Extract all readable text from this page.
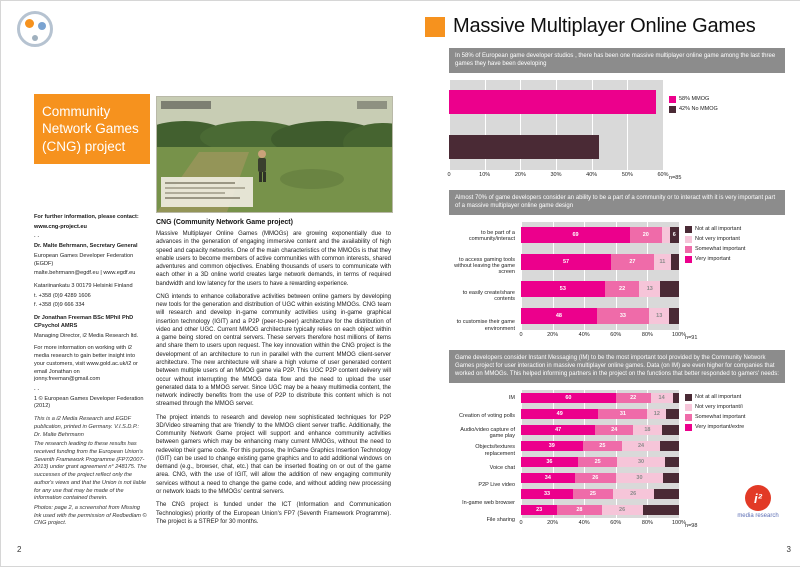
Community Network Games (CNG) project

For further information, please contact:

www.cng-project.eu

..

Dr. Malte Behrmann, Secretary General

European Games Developer Federation (EGDF)

malte.behrmann@egdf.eu | www.egdf.eu

Katariinankatu 3 00179 Helsinki Finland

t. +358 (0)9 4289 1606

f. +358 (0)9 666 334

Dr Jonathan Freeman BSc MPhil PhD CPsychol AMRS

Managing Director, i2 Media Research ltd.

For more information on working with i2 media research to gain better insight into your customers, visit www.gold.ac.uk/i2 or email Jonathan on jonny.freeman@gmail.com

..

1 © European Games Developer Federation (2012)

This is a i2 Media Research and EGDF publication, printed in Germany. V.I.S.D.P.: Dr. Malte Behrmann

The research leading to these results has received funding from the European Union's Seventh Framework Programme (FP7/2007-2013) under grant agreement n° 248175. The successes of the project reflect only the author's views and that the Union is not liable for any use that may be made of the information contained therein.

Photos: page 2, a screenshot from Missing Ink used with the permission of Redbedlam © CNG project.

CNG (Community Network Game project)

Massive Multiplayer Online Games (MMOGs) are growing exponentially due to advances in the generation of engaging immersive content and the availability of high speed and capacity networks. One of the main characteristics of the MMOGs is that they enable users to become members of active communities with common interests, shared adventures and common objectives. Enabling thousands of users to communicate with each other in a 3D online world creates large network demands, in terms of required bandwidth and low latency for the users to have a rewarding experience.

CNG intends to enhance collaborative activities between online gamers by developing new tools for the generation and distribution of UGC within existing MMOGs. CNG team will research and develop in-game community activities using in-game graphical insertion technology (IGIT) and a P2P (peer-to-peer) architecture for the distribution of video and other UGC. Current MMOG architecture typically relies on each object within a game being stored on central servers. These servers therefore host millions of items and share them to users upon request. The key innovation within the CNG project is the development of an architecture to run in parallel with the current MMOG client-server architecture. The new architecture will share a high volume of user generated content between multiple users of an MMOG game via P2P. This UGC P2P content delivery will occur without interrupting the MMOG data flow and the need to upload the user generated data to a MMOG server. Since UGC may be a heavy multimedia content, the network indirectly benefits from the use of P2P to distribute this content which is not streamed through the MMOG server.

The project intends to research and develop new sophisticated techniques for P2P 3D/Video streaming that are 'friendly' to the MMOG client server traffic. Additionally, the Community Network Game project will support and enhance community activities between gamers which may be enhancing many current MMOGs, without the need to redevelop their game code. For this purpose, the InGame Graphics Insertion Technology (IGIT) can be used to change existing game graphics and to add additional windows on demand (e.g., browser, chat, etc.) that can be inserted floating on or out of the game area. CNG, with the use of IGIT, will allow the addition of new engaging community services without a need to change the game code, and without adding new processing or network loads to the MMOGs' central servers.

The CNG project is funded under the ICT (Information and Communication Technologies) priority of the European Union's FP7 (Seventh Framework Programme). The project is a STREP for 30 months.

2
Massive Multiplayer Online Games
In 58% of European game developer studios , there has been one massive multiplayer online game among the last three games they have been developing
0	10%	20%	30%	40%	50%	60%
58% MMOG
42% No MMOG
n=85
Almost 70% of game developers consider an ability to be a part of a community or to interact with it is very important part of a massive multiplayer online game design
to be part of a community/interact
to access gaming tools without leaving the game screen
to easily create/share contents
to customise their game environment
69	20	6
57	27	11
53	22	13
48	33	13
0	20%	40%	60%	80%	100%
Not at all important
Not very important
Somewhat important
Very important
n=91
Game developers consider Instant Messaging (IM) to be the most important tool provided by the Community Network Games project for user interaction in massive multiplayer online games. Data (on IM) are even higher for companies that worked on MMOGs. This helped informing partners in the project on the functions that better responded to gamers' needs:
IM
Creation of voting polls
Audio/video capture of game play
Objects/textures replacement
Voice chat
P2P Live video
In-game web browser
File sharing
60	22	14
49	31	12
47	24	18
39	25	24
36	25	30
34	26	30
33	25	26
23	28	26
0	20%	40%	60%	80%	100%
Not at all important
Not very important/i
Somewhat important
Very important/extre
n=98
i²
media research
3
